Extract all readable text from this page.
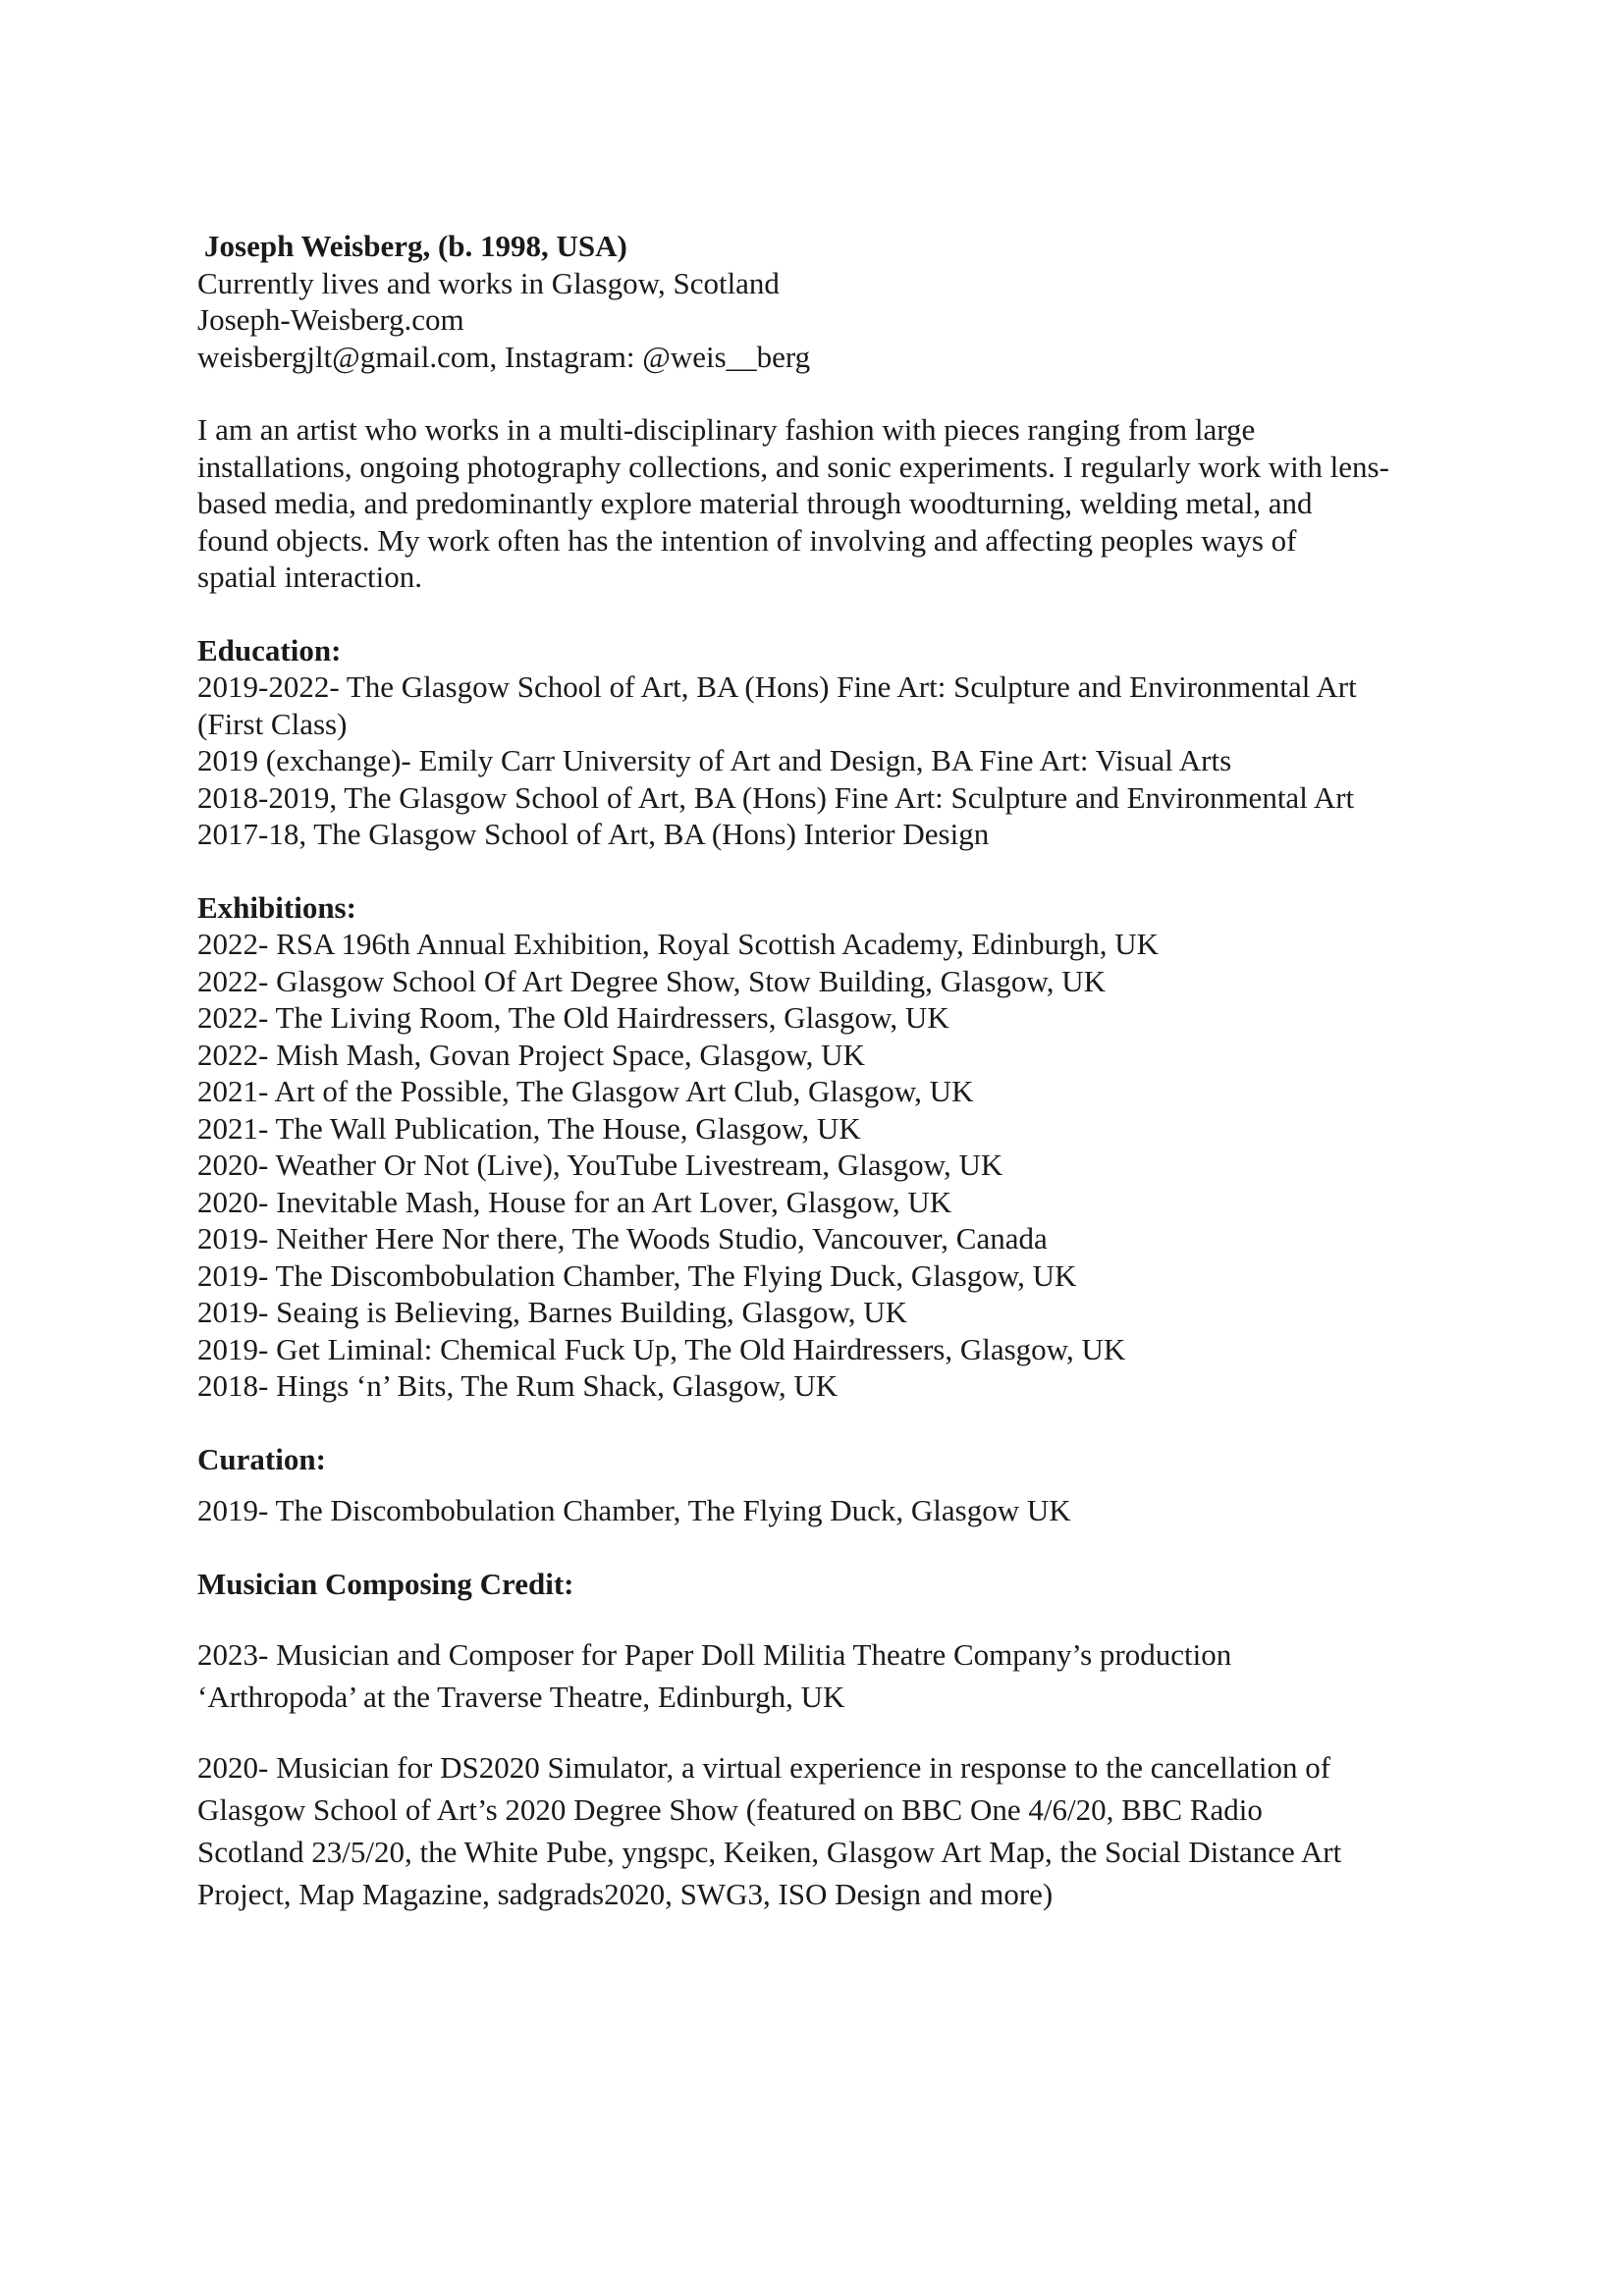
Joseph Weisberg, (b. 1998, USA)
Currently lives and works in Glasgow, Scotland
Joseph-Weisberg.com
weisbergjlt@gmail.com, Instagram: @weis__berg
I am an artist who works in a multi-disciplinary fashion with pieces ranging from large
installations, ongoing photography collections, and sonic experiments. I regularly work with lens-
based media, and predominantly explore material through woodturning, welding metal, and
found objects. My work often has the intention of involving and affecting peoples ways of
spatial interaction.
Education:
2019-2022- The Glasgow School of Art, BA (Hons) Fine Art: Sculpture and Environmental Art
(First Class)
2019 (exchange)- Emily Carr University of Art and Design, BA Fine Art: Visual Arts
2018-2019, The Glasgow School of Art, BA (Hons) Fine Art: Sculpture and Environmental Art
2017-18, The Glasgow School of Art, BA (Hons) Interior Design
Exhibitions:
2022- RSA 196th Annual Exhibition, Royal Scottish Academy, Edinburgh, UK
2022- Glasgow School Of Art Degree Show, Stow Building, Glasgow, UK
2022- The Living Room, The Old Hairdressers, Glasgow, UK
2022- Mish Mash, Govan Project Space, Glasgow, UK
2021- Art of the Possible, The Glasgow Art Club, Glasgow, UK
2021- The Wall Publication, The House, Glasgow, UK
2020- Weather Or Not (Live), YouTube Livestream, Glasgow, UK
2020- Inevitable Mash, House for an Art Lover, Glasgow, UK
2019- Neither Here Nor there, The Woods Studio, Vancouver, Canada
2019- The Discombobulation Chamber, The Flying Duck, Glasgow, UK
2019- Seaing is Believing, Barnes Building, Glasgow, UK
2019- Get Liminal: Chemical Fuck Up, The Old Hairdressers, Glasgow, UK
2018- Hings ‘n’ Bits, The Rum Shack, Glasgow, UK
Curation:
2019- The Discombobulation Chamber, The Flying Duck, Glasgow UK
Musician Composing Credit:
2023- Musician and Composer for Paper Doll Militia Theatre Company’s production
‘Arthropoda’ at the Traverse Theatre, Edinburgh, UK
2020- Musician for DS2020 Simulator, a virtual experience in response to the cancellation of
Glasgow School of Art’s 2020 Degree Show (featured on BBC One 4/6/20, BBC Radio
Scotland 23/5/20, the White Pube, yngspc, Keiken, Glasgow Art Map, the Social Distance Art
Project, Map Magazine, sadgrads2020, SWG3, ISO Design and more)
